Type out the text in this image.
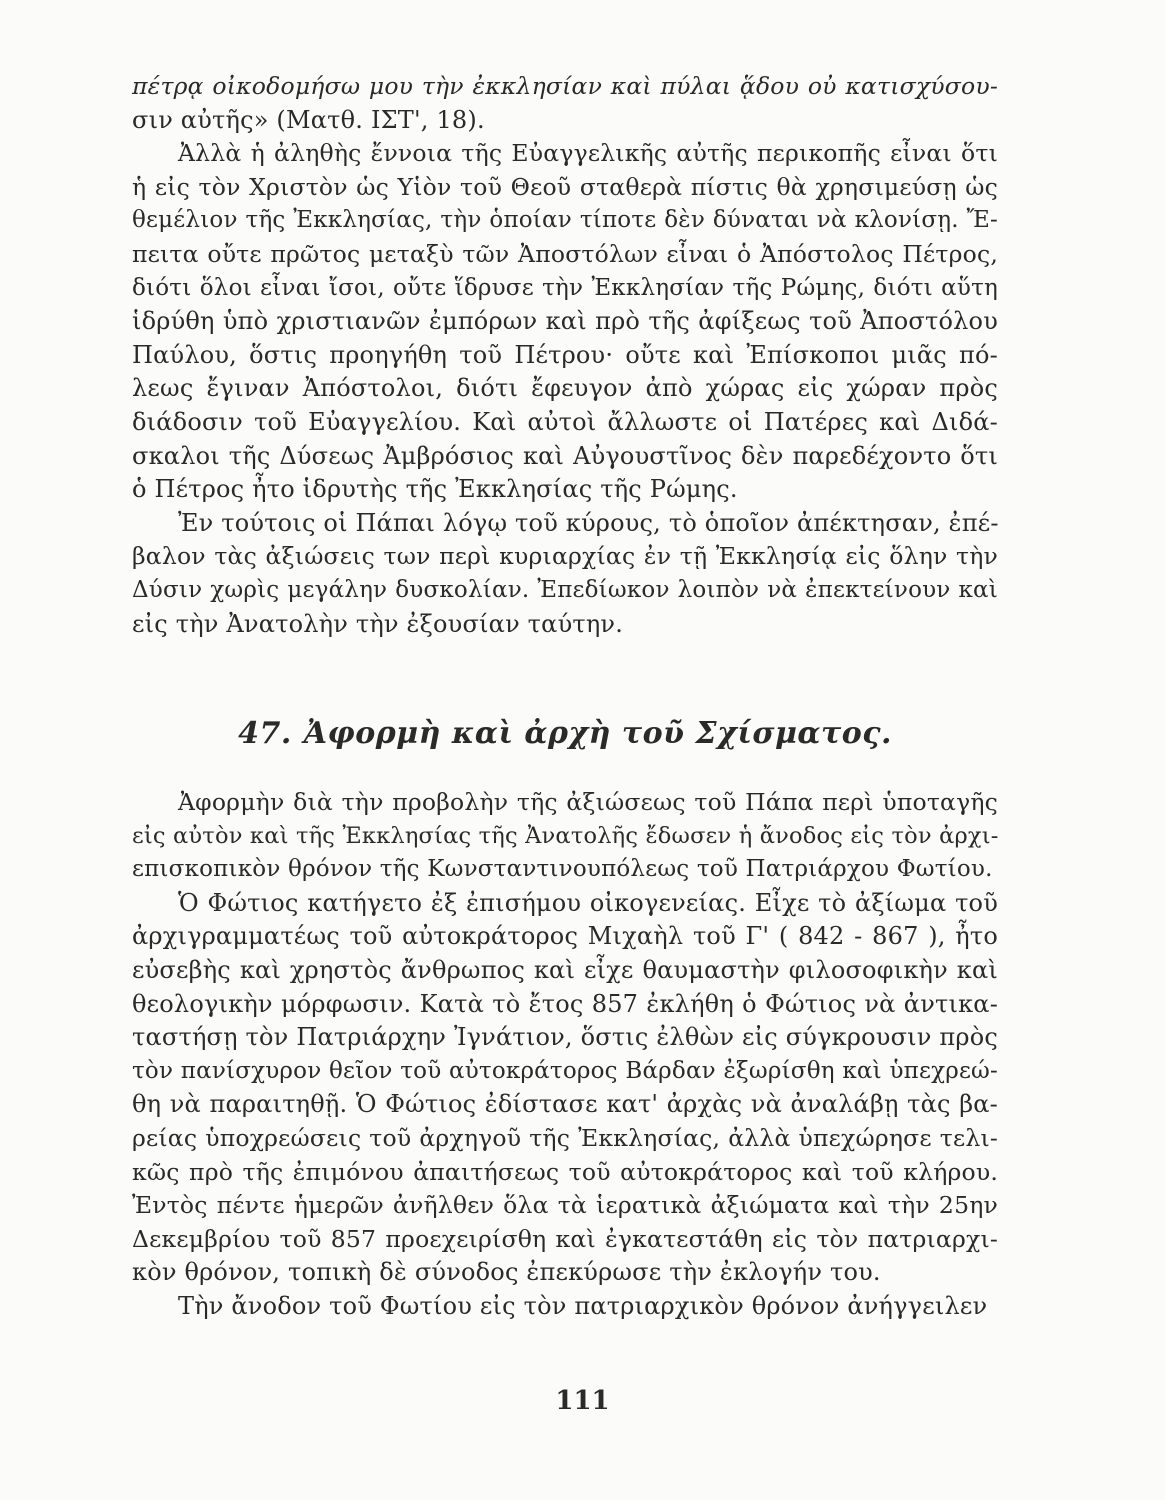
πέτρᾳ οἰκοδομήσω μου τὴν ἐκκλησίαν καὶ πύλαι ᾅδου οὐ κατισχύσου-
σιν αὐτῆς» (Ματθ. ΙΣΤ', 18).
Ἀλλὰ ἡ ἀληθὴς ἔννοια τῆς Εὐαγγελικῆς αὐτῆς περικοπῆς εἶναι ὅτι
ἡ εἰς τὸν Χριστὸν ὡς Υἱὸν τοῦ Θεοῦ σταθερὰ πίστις θὰ χρησιμεύσῃ ὡς
θεμέλιον τῆς Ἐκκλησίας, τὴν ὁποίαν τίποτε δὲν δύναται νὰ κλονίσῃ. Ἔ-
πειτα οὔτε πρῶτος μεταξὺ τῶν Ἀποστόλων εἶναι ὁ Ἀπόστολος Πέτρος,
διότι ὅλοι εἶναι ἴσοι, οὔτε ἵδρυσε τὴν Ἐκκλησίαν τῆς Ρώμης, διότι αὕτη
ἱδρύθη ὑπὸ χριστιανῶν ἐμπόρων καὶ πρὸ τῆς ἀφίξεως τοῦ Ἀποστόλου
Παύλου, ὅστις προηγήθη τοῦ Πέτρου· οὔτε καὶ Ἐπίσκοποι μιᾶς πό-
λεως ἔγιναν Ἀπόστολοι, διότι ἔφευγον ἀπὸ χώρας εἰς χώραν πρὸς
διάδοσιν τοῦ Εὐαγγελίου. Καὶ αὐτοὶ ἄλλωστε οἱ Πατέρες καὶ Διδά-
σκαλοι τῆς Δύσεως Ἀμβρόσιος καὶ Αὐγουστῖνος δὲν παρεδέχοντο ὅτι
ὁ Πέτρος ἦτο ἱδρυτὴς τῆς Ἐκκλησίας τῆς Ρώμης.
Ἐν τούτοις οἱ Πάπαι λόγῳ τοῦ κύρους, τὸ ὁποῖον ἀπέκτησαν, ἐπέ-
βαλον τὰς ἀξιώσεις των περὶ κυριαρχίας ἐν τῇ Ἐκκλησίᾳ εἰς ὅλην τὴν
Δύσιν χωρὶς μεγάλην δυσκολίαν. Ἐπεδίωκον λοιπὸν νὰ ἐπεκτείνουν καὶ
εἰς τὴν Ἀνατολὴν τὴν ἐξουσίαν ταύτην.
47. Ἀφορμὴ καὶ ἀρχὴ τοῦ Σχίσματος.
Ἀφορμὴν διὰ τὴν προβολὴν τῆς ἀξιώσεως τοῦ Πάπα περὶ ὑποταγῆς
εἰς αὐτὸν καὶ τῆς Ἐκκλησίας τῆς Ἀνατολῆς ἔδωσεν ἡ ἄνοδος εἰς τὸν ἀρχι-
επισκοπικὸν θρόνον τῆς Κωνσταντινουπόλεως τοῦ Πατριάρχου Φωτίου.
Ὁ Φώτιος κατήγετο ἐξ ἐπισήμου οἰκογενείας. Εἶχε τὸ ἀξίωμα τοῦ
ἀρχιγραμματέως τοῦ αὐτοκράτορος Μιχαὴλ τοῦ Γ' ( 842 - 867 ), ἦτο
εὐσεβὴς καὶ χρηστὸς ἄνθρωπος καὶ εἶχε θαυμαστὴν φιλοσοφικὴν καὶ
θεολογικὴν μόρφωσιν. Κατὰ τὸ ἔτος 857 ἐκλήθη ὁ Φώτιος νὰ ἀντικα-
ταστήσῃ τὸν Πατριάρχην Ἰγνάτιον, ὅστις ἐλθὼν εἰς σύγκρουσιν πρὸς
τὸν πανίσχυρον θεῖον τοῦ αὐτοκράτορος Βάρδαν ἐξωρίσθη καὶ ὑπεχρεώ-
θη νὰ παραιτηθῇ. Ὁ Φώτιος ἐδίστασε κατ' ἀρχὰς νὰ ἀναλάβῃ τὰς βα-
ρείας ὑποχρεώσεις τοῦ ἀρχηγοῦ τῆς Ἐκκλησίας, ἀλλὰ ὑπεχώρησε τελι-
κῶς πρὸ τῆς ἐπιμόνου ἀπαιτήσεως τοῦ αὐτοκράτορος καὶ τοῦ κλήρου.
Ἐντὸς πέντε ἡμερῶν ἀνῆλθεν ὅλα τὰ ἱερατικὰ ἀξιώματα καὶ τὴν 25ην
Δεκεμβρίου τοῦ 857 προεχειρίσθη καὶ ἐγκατεστάθη εἰς τὸν πατριαρχι-
κὸν θρόνον, τοπικὴ δὲ σύνοδος ἐπεκύρωσε τὴν ἐκλογήν του.
Τὴν ἄνοδον τοῦ Φωτίου εἰς τὸν πατριαρχικὸν θρόνον ἀνήγγειλεν
111
